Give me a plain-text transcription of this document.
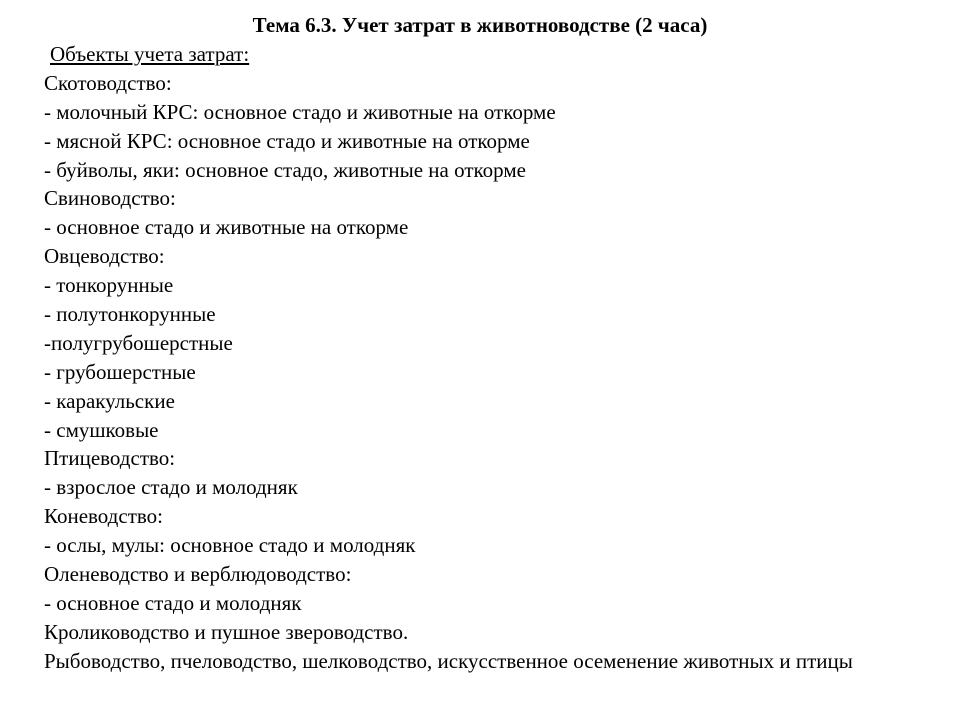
Тема 6.3. Учет затрат в животноводстве (2 часа)
Объекты учета затрат:
Скотоводство:
- молочный КРС: основное стадо и животные на откорме
- мясной КРС: основное стадо и животные на откорме
- буйволы, яки: основное стадо, животные на откорме
Свиноводство:
- основное стадо и животные на откорме
Овцеводство:
- тонкорунные
- полутонкорунные
-полугрубошерстные
- грубошерстные
- каракульские
- смушковые
Птицеводство:
- взрослое стадо и молодняк
Коневодство:
- ослы, мулы: основное стадо и молодняк
Оленеводство и верблюдоводство:
- основное стадо и молодняк
Кролиководство и пушное звероводство.
Рыбоводство, пчеловодство, шелководство, искусственное осеменение животных и птицы
